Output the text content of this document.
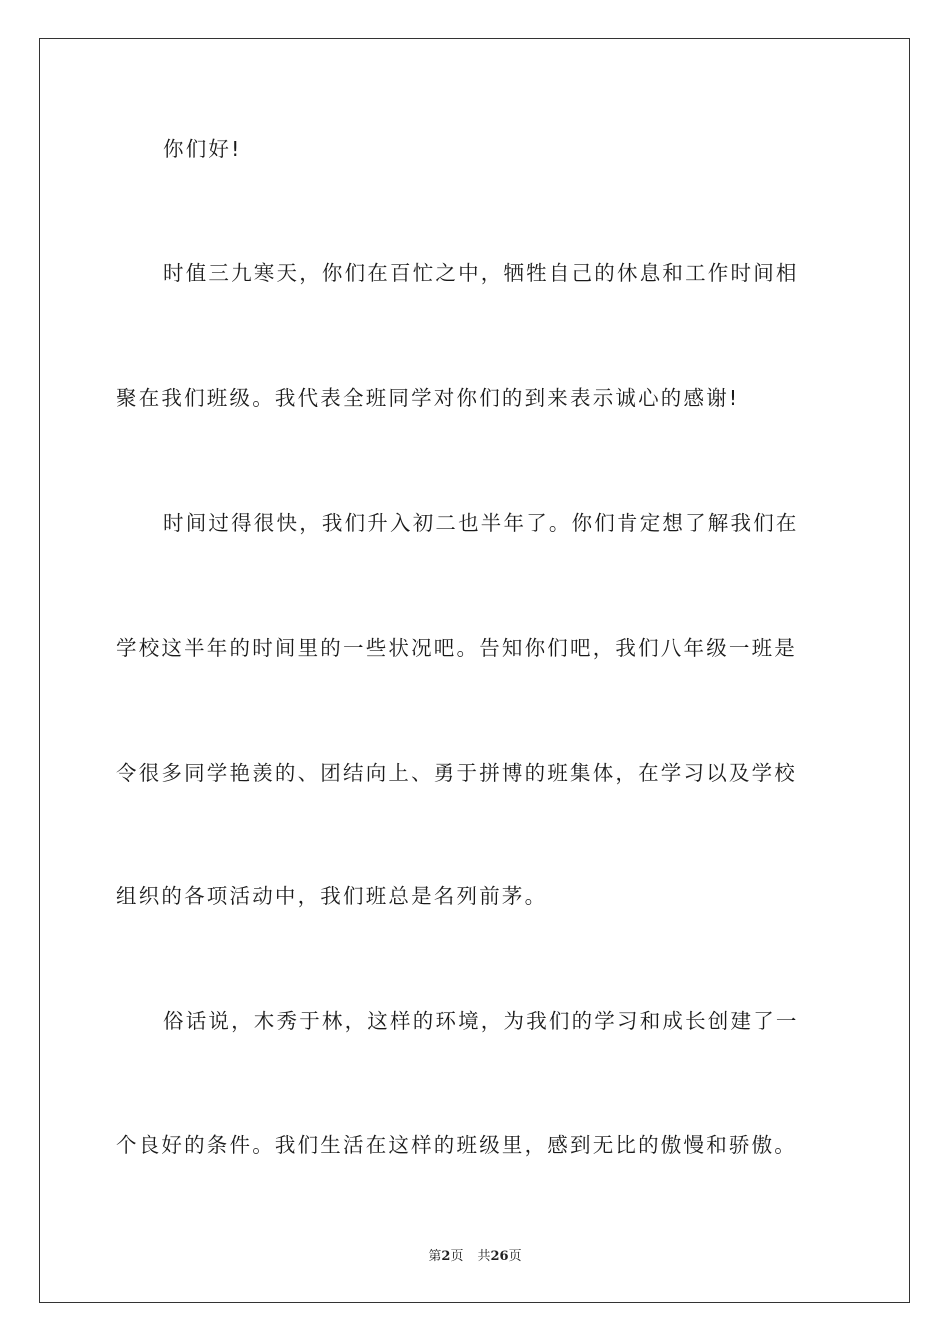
你们好!
时值三九寒天，你们在百忙之中，牺牲自己的休息和工作时间相
聚在我们班级。我代表全班同学对你们的到来表示诚心的感谢!
时间过得很快，我们升入初二也半年了。你们肯定想了解我们在
学校这半年的时间里的一些状况吧。告知你们吧，我们八年级一班是
令很多同学艳羡的、团结向上、勇于拼博的班集体，在学习以及学校
组织的各项活动中，我们班总是名列前茅。
俗话说，木秀于林，这样的环境，为我们的学习和成长创建了一
个良好的条件。我们生活在这样的班级里，感到无比的傲慢和骄傲。
第2页 共26页
